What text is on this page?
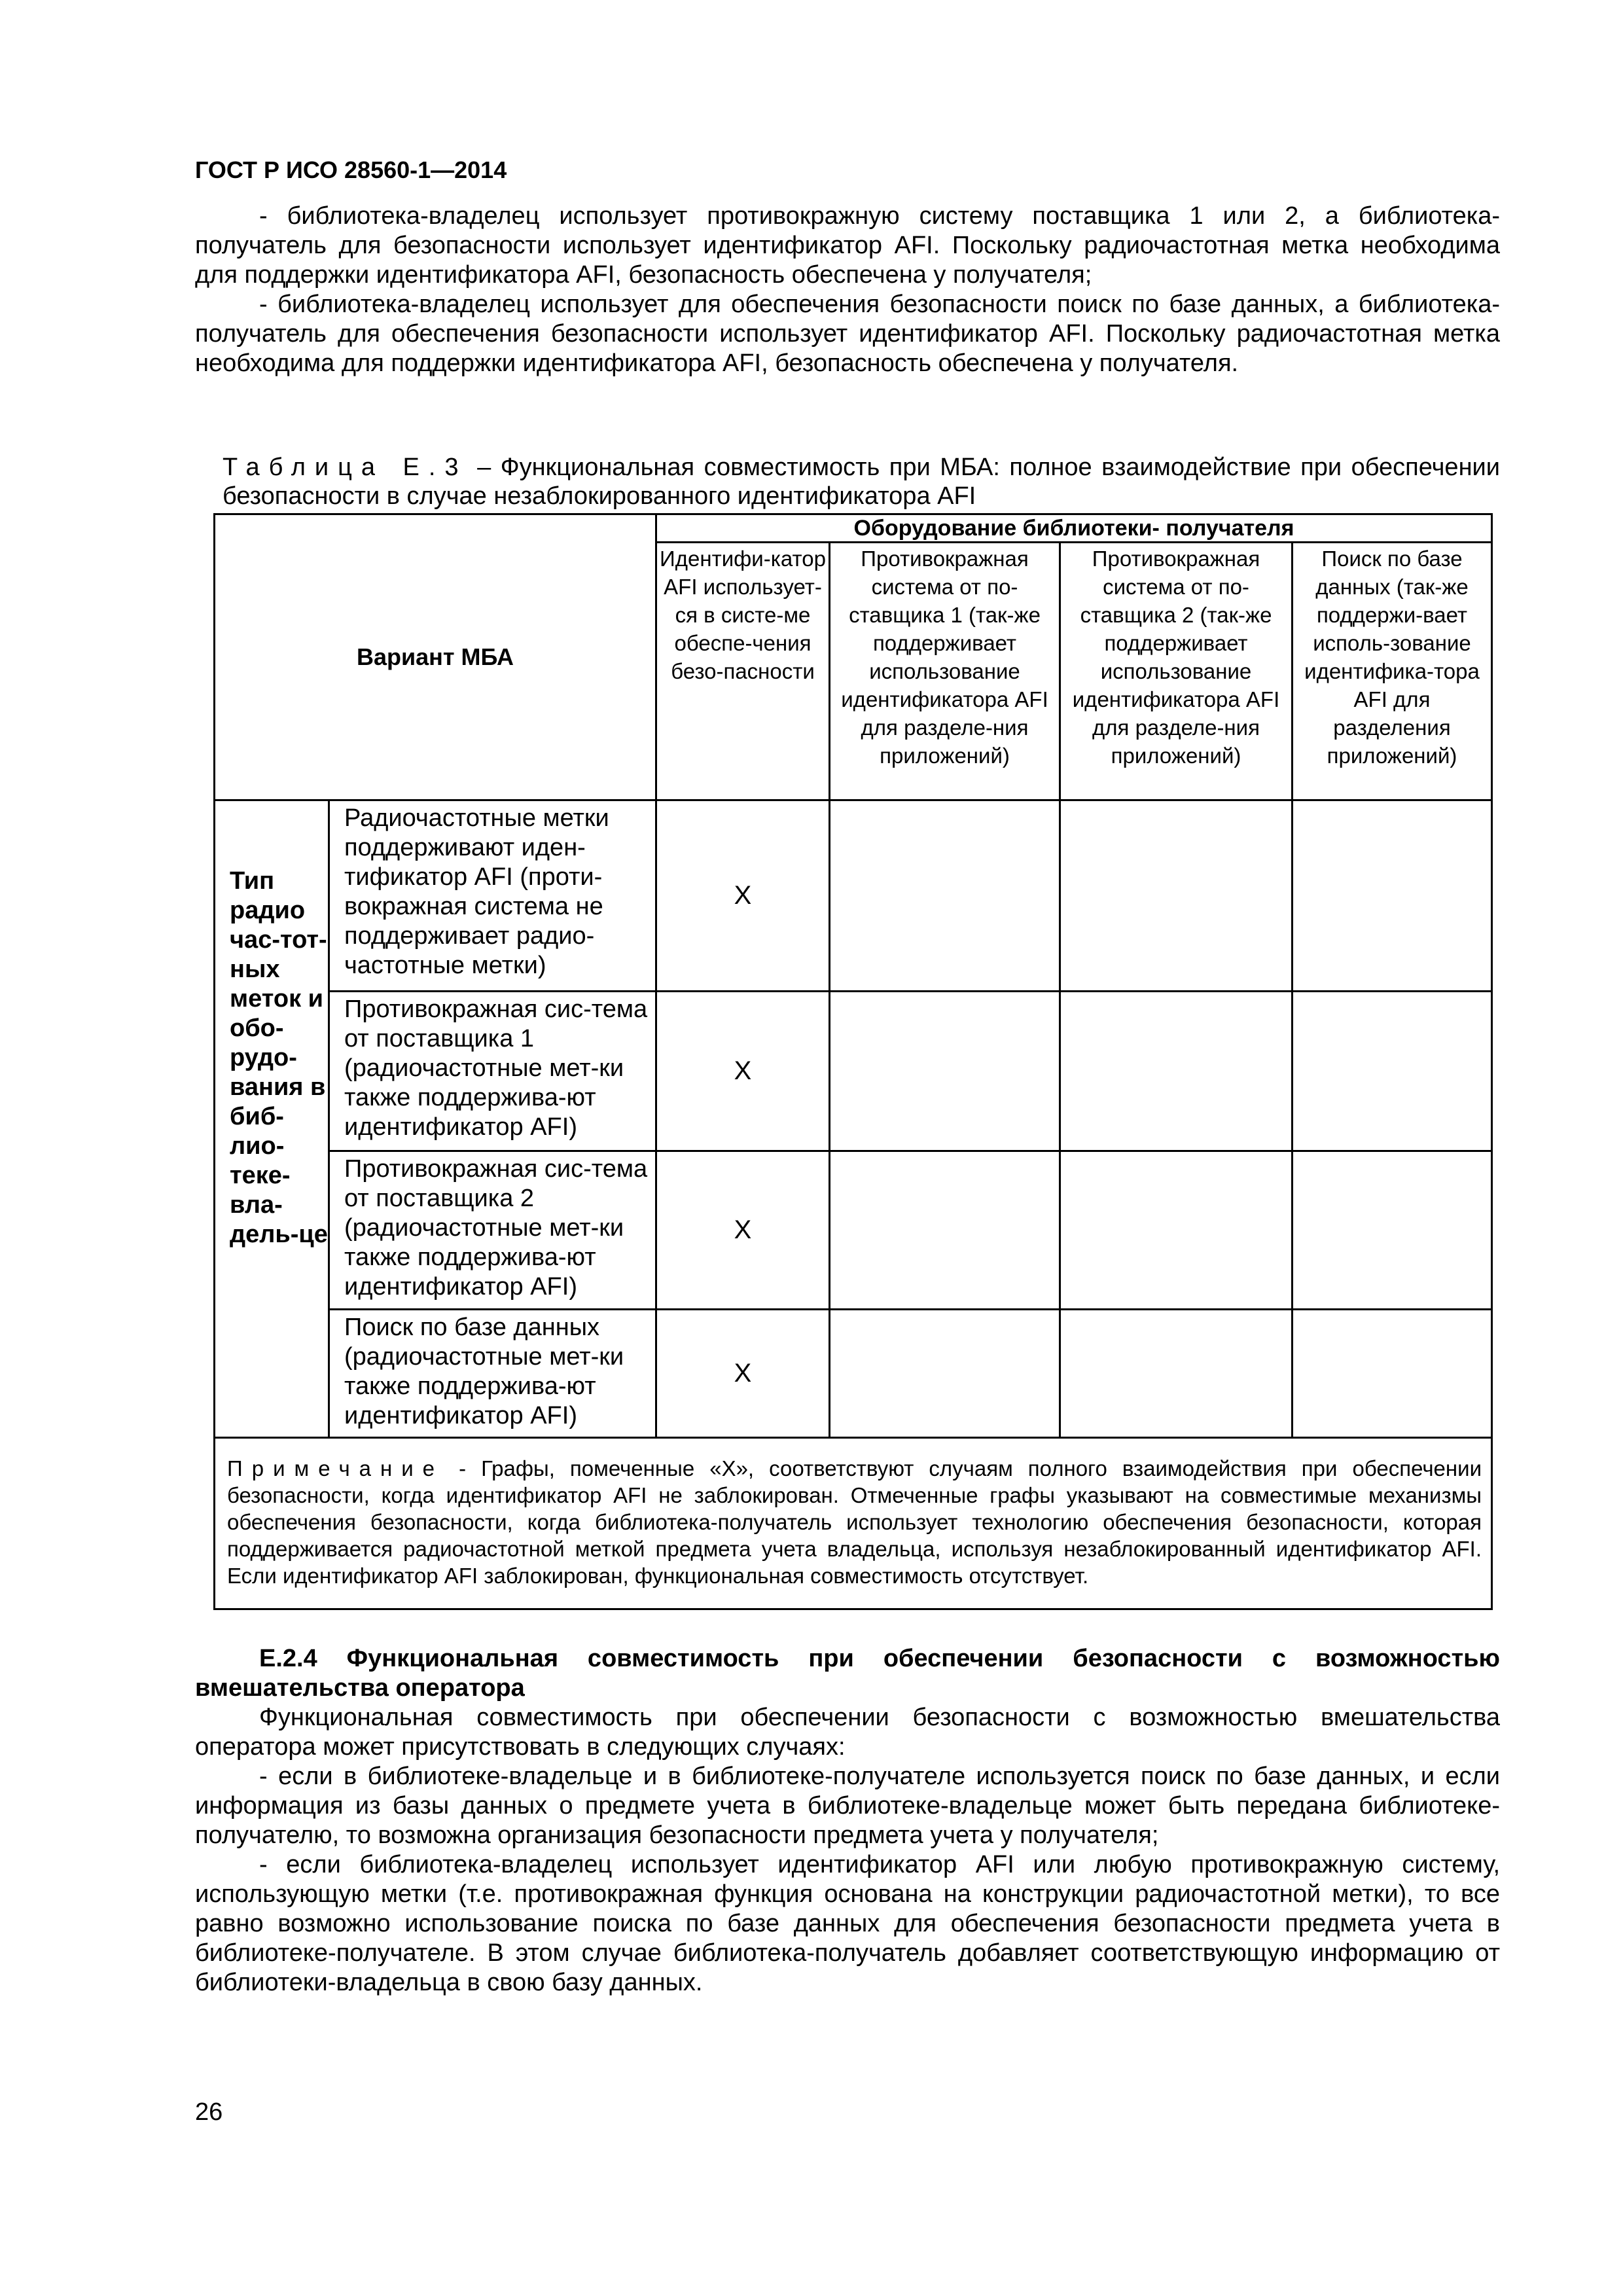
ГОСТ Р ИСО 28560-1—2014

- библиотека-владелец использует противокражную систему поставщика 1 или 2, а библиотека-получатель для безопасности использует идентификатор AFI. Поскольку радиочастотная метка необходима для поддержки идентификатора AFI, безопасность обеспечена у получателя;

- библиотека-владелец использует для обеспечения безопасности поиск по базе данных, а библиотека-получатель для обеспечения безопасности использует идентификатор AFI. Поскольку радиочастотная метка необходима для поддержки идентификатора AFI, безопасность обеспечена у получателя.

Таблица Е.3 – Функциональная совместимость при МБА: полное взаимодействие при обеспечении безопасности в случае незаблокированного идентификатора AFI

Вариант МБА		Оборудование библиотеки- получателя			
		Идентифи-катор AFI использует-ся в систе-ме обеспе-чения безо-пасности	Противокражная система от по-ставщика 1 (так-же поддерживает использование идентификатора AFI для разделе-ния приложений)	Противокражная система от по-ставщика 2 (так-же поддерживает использование идентификатора AFI для разделе-ния приложений)	Поиск по базе данных (так-же поддержи-вает исполь-зование идентифика-тора AFI для разделения приложений)
Тип радио час-тот-ных меток и обо-рудо-вания в биб-лио-теке-вла-дель-це	Радиочастотные метки поддерживают иден-тификатор AFI (проти-вокражная система не поддерживает радио-частотные метки)	X			
	Противокражная сис-тема от поставщика 1 (радиочастотные мет-ки также поддержива-ют идентификатор AFI)	X			
	Противокражная сис-тема от поставщика 2 (радиочастотные мет-ки также поддержива-ют идентификатор AFI)	X			
	Поиск по базе данных (радиочастотные мет-ки также поддержива-ют идентификатор AFI)	X			
Примечание - Графы, помеченные «X», соответствуют случаям полного взаимодействия при обеспечении безопасности, когда идентификатор AFI не заблокирован. Отмеченные графы указывают на совместимые механизмы обеспечения безопасности, когда библиотека-получатель использует технологию обеспечения безопасности, которая поддерживается радиочастотной меткой предмета учета владельца, используя незаблокированный идентификатор AFI. Если идентификатор AFI заблокирован, функциональная совместимость отсутствует.					

Е.2.4 Функциональная совместимость при обеспечении безопасности с возможностью вмешательства оператора

Функциональная совместимость при обеспечении безопасности с возможностью вмешательства оператора может присутствовать в следующих случаях:

- если в библиотеке-владельце и в библиотеке-получателе используется поиск по базе данных, и если информация из базы данных о предмете учета в библиотеке-владельце может быть передана библиотеке-получателю, то возможна организация безопасности предмета учета у получателя;

- если библиотека-владелец использует идентификатор AFI или любую противокражную систему, использующую метки (т.е. противокражная функция основана на конструкции радиочастотной метки), то все равно возможно использование поиска по базе данных для обеспечения безопасности предмета учета в библиотеке-получателе. В этом случае библиотека-получатель добавляет соответствующую информацию от библиотеки-владельца в свою базу данных.

26
